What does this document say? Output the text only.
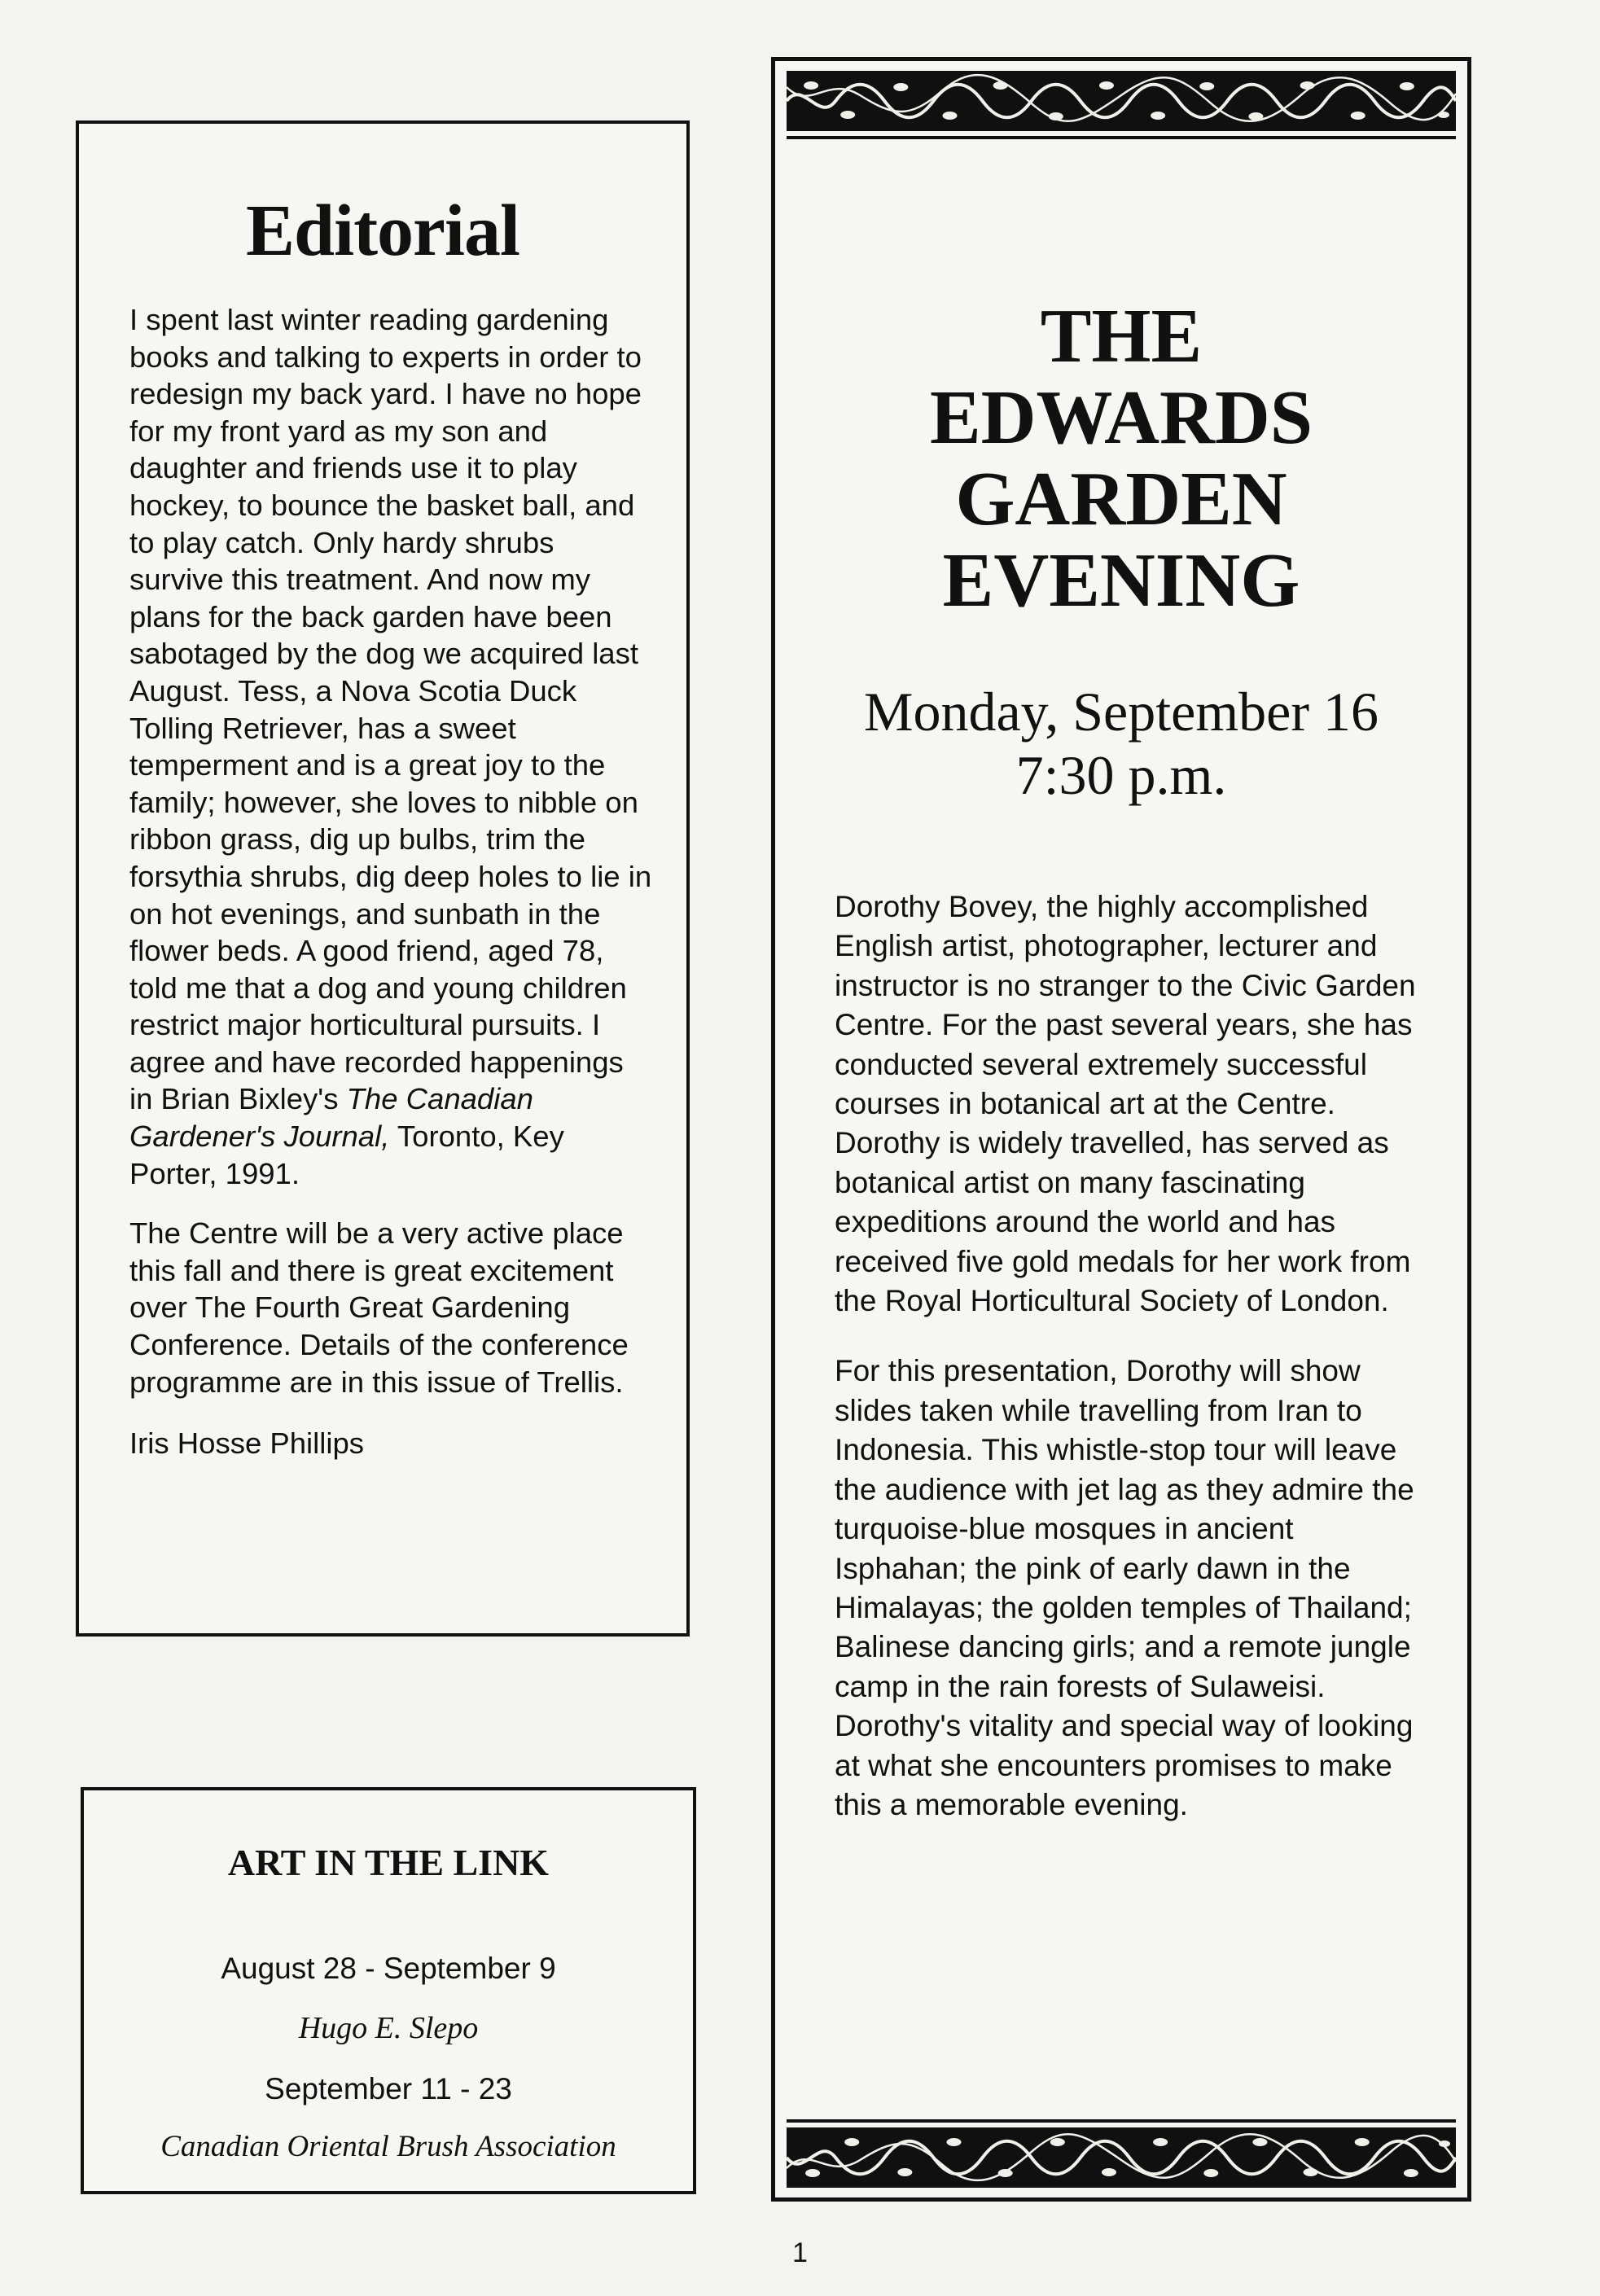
Editorial

I spent last winter reading gardening books and talking to experts in order to redesign my back yard. I have no hope for my front yard as my son and daughter and friends use it to play hockey, to bounce the basket ball, and to play catch. Only hardy shrubs survive this treatment. And now my plans for the back garden have been sabotaged by the dog we acquired last August. Tess, a Nova Scotia Duck Tolling Retriever, has a sweet temperment and is a great joy to the family; however, she loves to nibble on ribbon grass, dig up bulbs, trim the forsythia shrubs, dig deep holes to lie in on hot evenings, and sunbath in the flower beds. A good friend, aged 78, told me that a dog and young children restrict major horticultural pursuits. I agree and have recorded happenings in Brian Bixley's The Canadian Gardener's Journal, Toronto, Key Porter, 1991.

The Centre will be a very active place this fall and there is great excitement over The Fourth Great Gardening Conference. Details of the conference programme are in this issue of Trellis.

Iris Hosse Phillips

ART IN THE LINK
August 28 - September 9
Hugo E. Slepo
September 11 - 23
Canadian Oriental Brush Association
THE
EDWARDS
GARDEN
EVENING
Monday, September 16
7:30 p.m.

Dorothy Bovey, the highly accomplished English artist, photographer, lecturer and instructor is no stranger to the Civic Garden Centre. For the past several years, she has conducted several extremely successful courses in botanical art at the Centre. Dorothy is widely travelled, has served as botanical artist on many fascinating expeditions around the world and has received five gold medals for her work from the Royal Horticultural Society of London.

For this presentation, Dorothy will show slides taken while travelling from Iran to Indonesia. This whistle-stop tour will leave the audience with jet lag as they admire the turquoise-blue mosques in ancient Isphahan; the pink of early dawn in the Himalayas; the golden temples of Thailand; Balinese dancing girls; and a remote jungle camp in the rain forests of Sulaweisi. Dorothy's vitality and special way of looking at what she encounters promises to make this a memorable evening.

1
